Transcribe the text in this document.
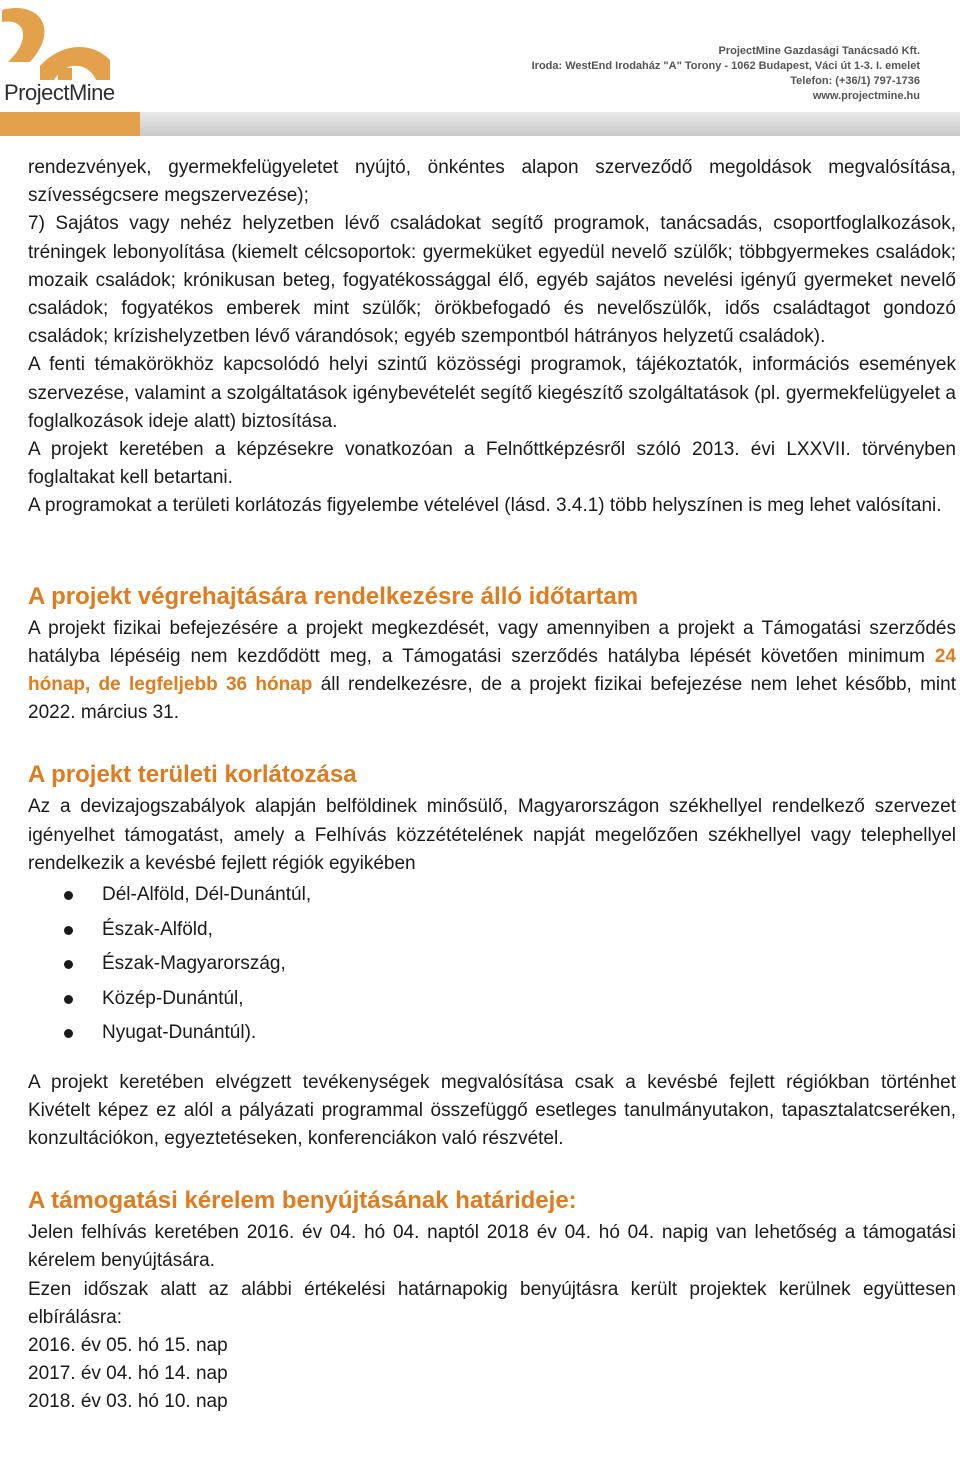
ProjectMine
ProjectMine Gazdasági Tanácsadó Kft.
Iroda: WestEnd Irodaház "A" Torony - 1062 Budapest, Váci út 1-3. I. emelet
Telefon: (+36/1) 797-1736
www.projectmine.hu

rendezvények, gyermekfelügyeletet nyújtó, önkéntes alapon szerveződő megoldások megvalósítása, szívességcsere megszervezése);

7) Sajátos vagy nehéz helyzetben lévő családokat segítő programok, tanácsadás, csoportfoglalkozások, tréningek lebonyolítása (kiemelt célcsoportok: gyermeküket egyedül nevelő szülők; többgyermekes családok; mozaik családok; krónikusan beteg, fogyatékossággal élő, egyéb sajátos nevelési igényű gyermeket nevelő családok; fogyatékos emberek mint szülők; örökbefogadó és nevelőszülők, idős családtagot gondozó családok; krízishelyzetben lévő várandósok; egyéb szempontból hátrányos helyzetű családok).

A fenti témakörökhöz kapcsolódó helyi szintű közösségi programok, tájékoztatók, információs események szervezése, valamint a szolgáltatások igénybevételét segítő kiegészítő szolgáltatások (pl. gyermekfelügyelet a foglalkozások ideje alatt) biztosítása.

A projekt keretében a képzésekre vonatkozóan a Felnőttképzésről szóló 2013. évi LXXVII. törvényben foglaltakat kell betartani.

A programokat a területi korlátozás figyelembe vételével (lásd. 3.4.1) több helyszínen is meg lehet valósítani.

A projekt végrehajtására rendelkezésre álló időtartam

A projekt fizikai befejezésére a projekt megkezdését, vagy amennyiben a projekt a Támogatási szerződés hatályba lépéséig nem kezdődött meg, a Támogatási szerződés hatályba lépését követően minimum 24 hónap, de legfeljebb 36 hónap áll rendelkezésre, de a projekt fizikai befejezése nem lehet később, mint 2022. március 31.

A projekt területi korlátozása

Az a devizajogszabályok alapján belföldinek minősülő, Magyarországon székhellyel rendelkező szervezet igényelhet támogatást, amely a Felhívás közzétételének napját megelőzően székhellyel vagy telephellyel rendelkezik a kevésbé fejlett régiók egyikében

Dél-Alföld, Dél-Dunántúl,
Észak-Alföld,
Észak-Magyarország,
Közép-Dunántúl,
Nyugat-Dunántúl).

A projekt keretében elvégzett tevékenységek megvalósítása csak a kevésbé fejlett régiókban történhet Kivételt képez ez alól a pályázati programmal összefüggő esetleges tanulmányutakon, tapasztalatcseréken, konzultációkon, egyeztetéseken, konferenciákon való részvétel.

A támogatási kérelem benyújtásának határideje:

Jelen felhívás keretében 2016. év 04. hó 04. naptól 2018 év 04. hó 04. napig van lehetőség a támogatási kérelem benyújtására.

Ezen időszak alatt az alábbi értékelési határnapokig benyújtásra került projektek kerülnek együttesen elbírálásra:

2016. év 05. hó 15. nap
2017. év 04. hó 14. nap
2018. év 03. hó 10. nap
